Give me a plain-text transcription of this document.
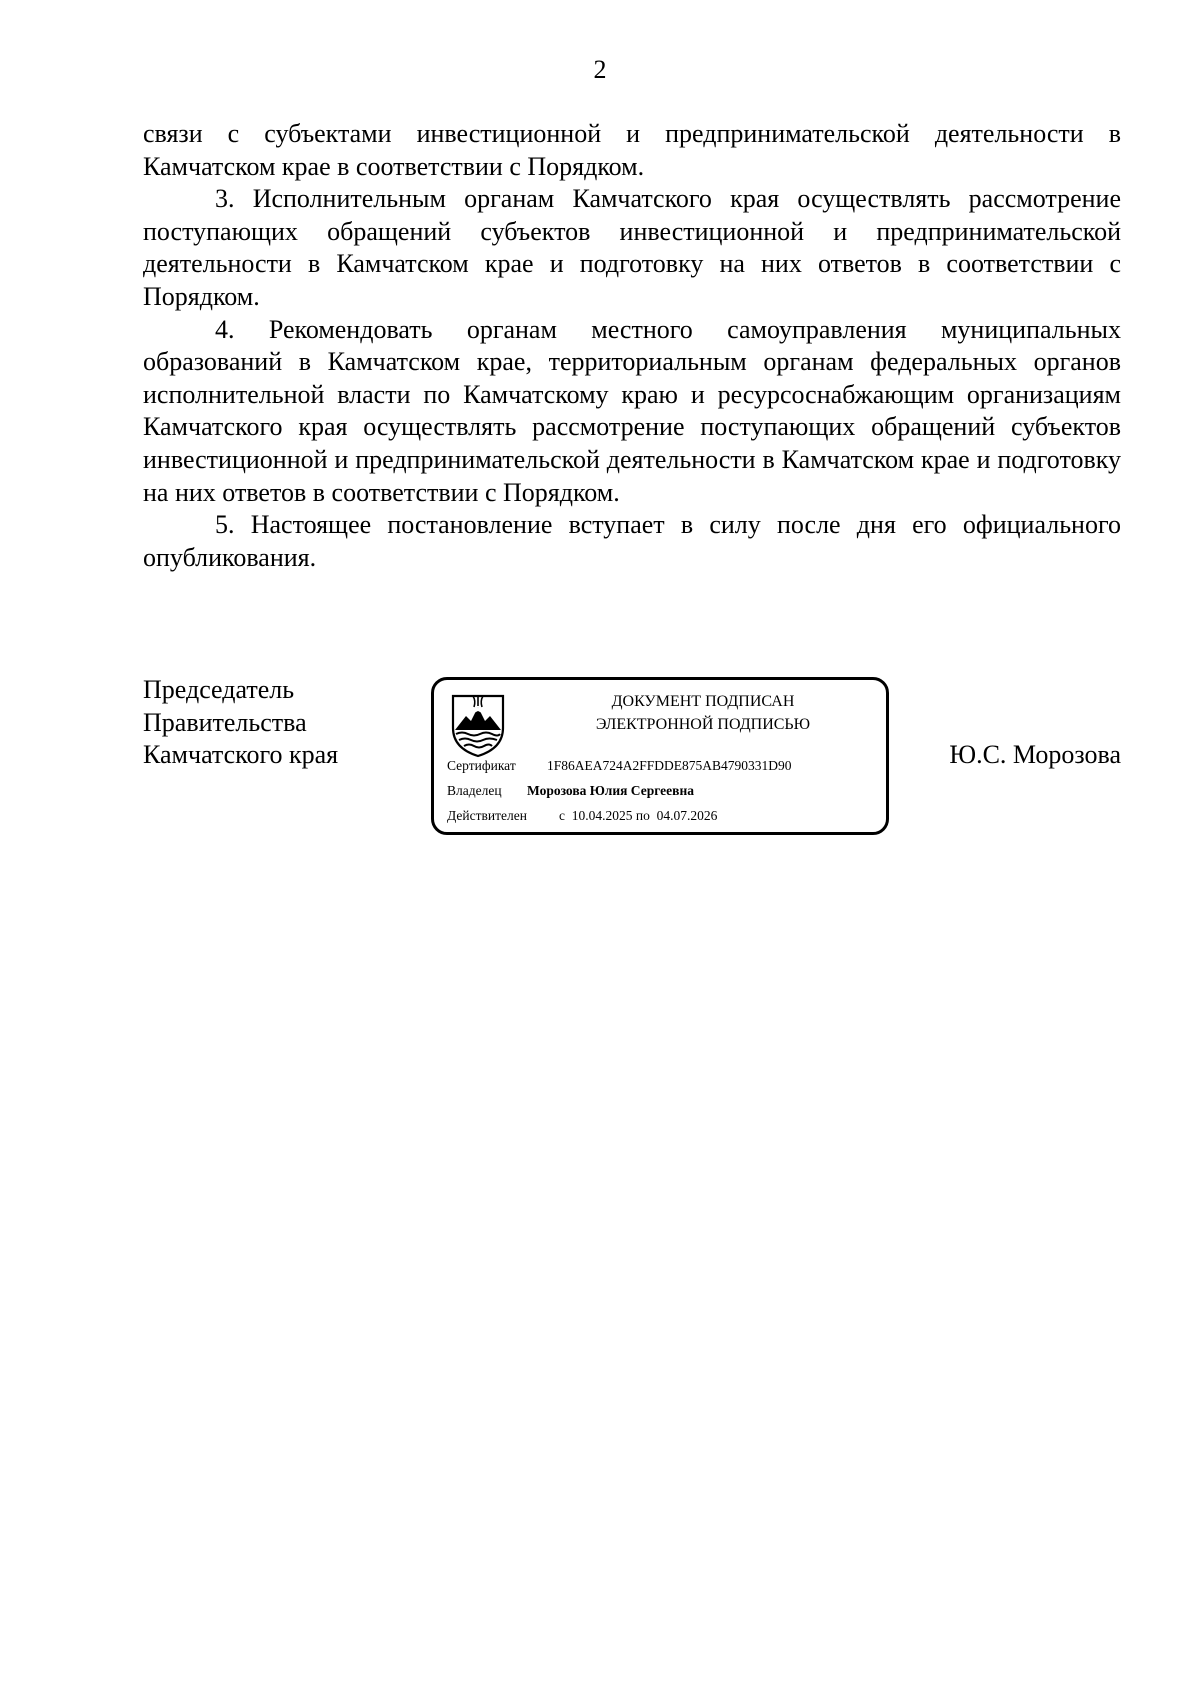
2

связи с субъектами инвестиционной и предпринимательской деятельности в Камчатском крае в соответствии с Порядком.

3. Исполнительным органам Камчатского края осуществлять рассмотрение поступающих обращений субъектов инвестиционной и предпринимательской деятельности в Камчатском крае и подготовку на них ответов в соответствии с Порядком.

4. Рекомендовать органам местного самоуправления муниципальных образований в Камчатском крае, территориальным органам федеральных органов исполнительной власти по Камчатскому краю и ресурсоснабжающим организациям Камчатского края осуществлять рассмотрение поступающих обращений субъектов инвестиционной и предпринимательской деятельности в Камчатском крае и подготовку на них ответов в соответствии с Порядком.

5. Настоящее постановление вступает в силу после дня его официального опубликования.

Председатель
Правительства
Камчатского края
ДОКУМЕНТ ПОДПИСАН
ЭЛЕКТРОННОЙ ПОДПИСЬЮ
Сертификат 1F86AEA724A2FFDDE875AB4790331D90
Владелец Морозова Юлия Сергеевна
Действителен с  10.04.2025 по  04.07.2026
Ю.С. Морозова
